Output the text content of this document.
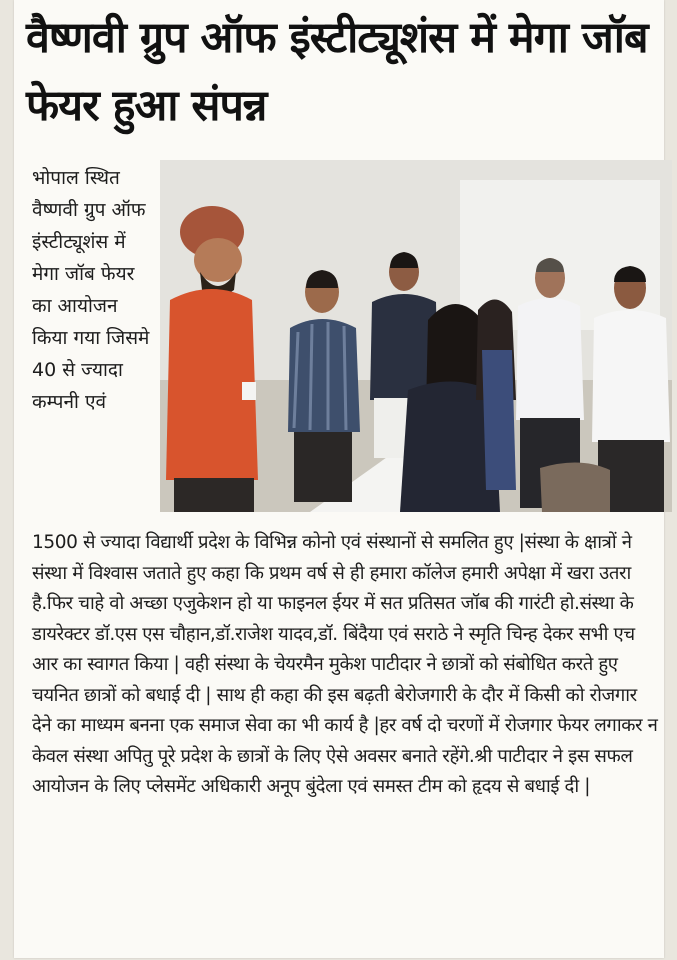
वैष्णवी ग्रुप ऑफ इंस्टीट्यूशंस में मेगा जॉब फेयर हुआ संपन्न

भोपाल स्थित वैष्णवी ग्रुप ऑफ इंस्टीट्यूशंस में मेगा जॉब फेयर का आयोजन किया गया जिसमे 40 से ज्यादा कम्पनी एवं

1500 से ज्यादा विद्यार्थी प्रदेश के विभिन्न कोनो एवं संस्थानों से समलित हुए |संस्था के क्षात्रों ने संस्था में विश्वास जताते हुए कहा कि प्रथम वर्ष से ही हमारा कॉलेज हमारी अपेक्षा में खरा उतरा है.फिर चाहे वो अच्छा एजुकेशन हो या फाइनल ईयर में सत प्रतिसत जॉब की गारंटी हो.संस्था के डायरेक्टर डॉ.एस एस चौहान,डॉ.राजेश यादव,डॉ. बिंदैया एवं सराठे ने स्मृति चिन्ह देकर सभी एच आर का स्वागत किया | वही संस्था के चेयरमैन मुकेश पाटीदार ने छात्रों को संबोधित करते हुए चयनित छात्रों को बधाई दी | साथ ही कहा की इस बढ़ती बेरोजगारी के दौर में किसी को रोजगार देने का माध्यम बनना एक समाज सेवा का भी कार्य है |हर वर्ष दो चरणों में रोजगार फेयर लगाकर न केवल संस्था अपितु पूरे प्रदेश के छात्रों के लिए ऐसे अवसर बनाते रहेंगे.श्री पाटीदार ने इस सफल आयोजन के लिए प्लेसमेंट अधिकारी अनूप बुंदेला एवं समस्त टीम को हृदय से बधाई दी |
